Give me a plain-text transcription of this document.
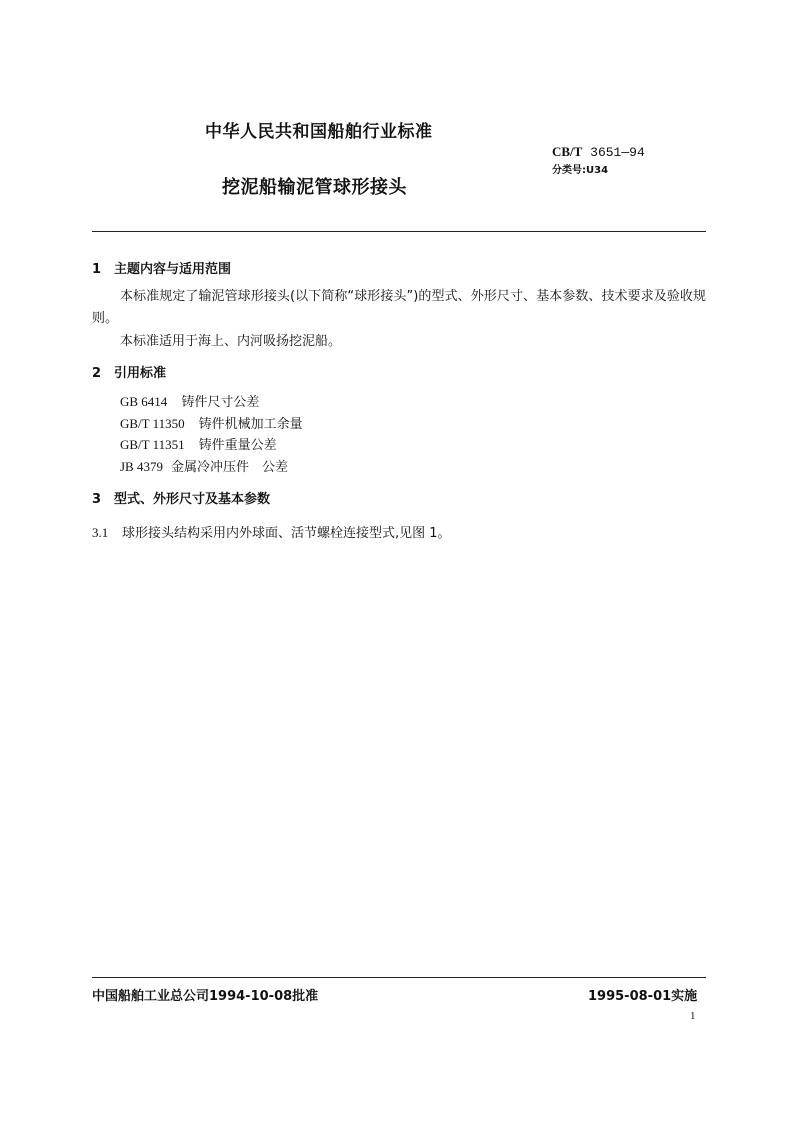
中华人民共和国船舶行业标准
CB/T 3651—94
分类号:U34
挖泥船输泥管球形接头
1 主题内容与适用范围
本标准规定了输泥管球形接头(以下简称“球形接头”)的型式、外形尺寸、基本参数、技术要求及验收规则。
本标准适用于海上、内河吸扬挖泥船。
2 引用标准
GB 6414 铸件尺寸公差
GB/T 11350 铸件机械加工余量
GB/T 11351 铸件重量公差
JB 4379 金属冷冲压件　公差
3 型式、外形尺寸及基本参数
3.1 球形接头结构采用内外球面、活节螺栓连接型式,见图 1。
中国船舶工业总公司1994-10-08批准	1995-08-01实施
1
